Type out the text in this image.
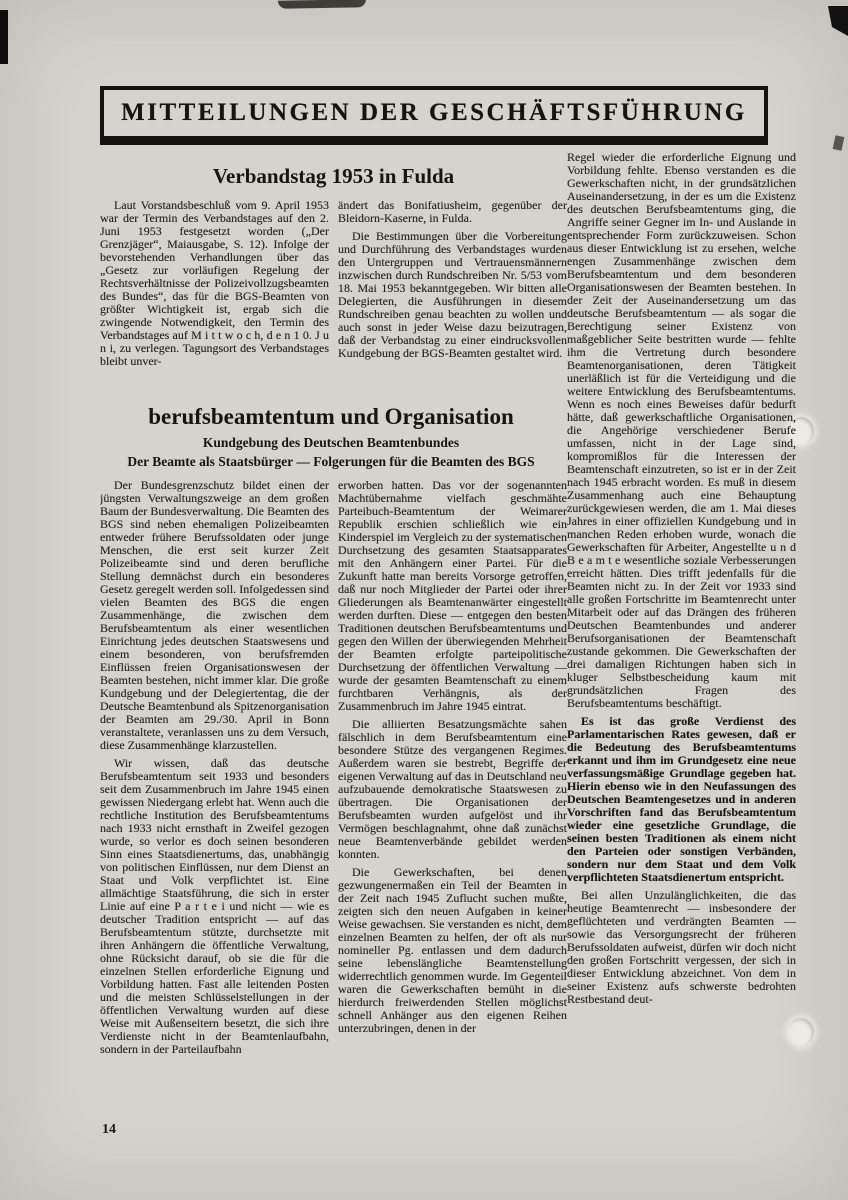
MITTEILUNGEN DER GESCHÄFTSFÜHRUNG
Verbandstag 1953 in Fulda

Laut Vorstandsbeschluß vom 9. April 1953 war der Termin des Verbandstages auf den 2. Juni 1953 festgesetzt worden („Der Grenzjäger“, Maiausgabe, S. 12). Infolge der bevorstehenden Verhandlungen über das „Gesetz zur vorläufigen Regelung der Rechtsverhältnisse der Polizeivollzugsbeamten des Bundes“, das für die BGS-Beamten von größter Wichtigkeit ist, ergab sich die zwingende Notwendigkeit, den Termin des Verbandstages auf M i t t w o c h, d e n 1 0. J u n i, zu verlegen. Tagungsort des Verbandstages bleibt unver-

ändert das Bonifatiusheim, gegenüber der Bleidorn-Kaserne, in Fulda.

Die Bestimmungen über die Vorbereitung und Durchführung des Verbandstages wurden den Untergruppen und Vertrauensmännern inzwischen durch Rundschreiben Nr. 5/53 vom 18. Mai 1953 bekanntgegeben. Wir bitten alle Delegierten, die Ausführungen in diesem Rundschreiben genau beachten zu wollen und auch sonst in jeder Weise dazu beizutragen, daß der Verbandstag zu einer eindrucksvollen Kundgebung der BGS-Beamten gestaltet wird.

berufsbeamtentum und Organisation

Kundgebung des Deutschen Beamtenbundes

Der Beamte als Staatsbürger — Folgerungen für die Beamten des BGS

Der Bundesgrenzschutz bildet einen der jüngsten Verwaltungszweige an dem großen Baum der Bundesverwaltung. Die Beamten des BGS sind neben ehemaligen Polizeibeamten entweder frühere Berufssoldaten oder junge Menschen, die erst seit kurzer Zeit Polizeibeamte sind und deren berufliche Stellung demnächst durch ein besonderes Gesetz geregelt werden soll. Infolgedessen sind vielen Beamten des BGS die engen Zusammenhänge, die zwischen dem Berufsbeamtentum als einer wesentlichen Einrichtung jedes deutschen Staatswesens und einem besonderen, von berufsfremden Einflüssen freien Organisationswesen der Beamten bestehen, nicht immer klar. Die große Kundgebung und der Delegiertentag, die der Deutsche Beamtenbund als Spitzenorganisation der Beamten am 29./30. April in Bonn veranstaltete, veranlassen uns zu dem Versuch, diese Zusammenhänge klarzustellen.

Wir wissen, daß das deutsche Berufsbeamtentum seit 1933 und besonders seit dem Zusammenbruch im Jahre 1945 einen gewissen Niedergang erlebt hat. Wenn auch die rechtliche Institution des Berufsbeamtentums nach 1933 nicht ernsthaft in Zweifel gezogen wurde, so verlor es doch seinen besonderen Sinn eines Staatsdienertums, das, unabhängig von politischen Einflüssen, nur dem Dienst an Staat und Volk verpflichtet ist. Eine allmächtige Staatsführung, die sich in erster Linie auf eine P a r t e i und nicht — wie es deutscher Tradition entspricht — auf das Berufsbeamtentum stützte, durchsetzte mit ihren Anhängern die öffentliche Verwaltung, ohne Rücksicht darauf, ob sie die für die einzelnen Stellen erforderliche Eignung und Vorbildung hatten. Fast alle leitenden Posten und die meisten Schlüsselstellungen in der öffentlichen Verwaltung wurden auf diese Weise mit Außenseitern besetzt, die sich ihre Verdienste nicht in der Beamtenlaufbahn, sondern in der Parteilaufbahn

erworben hatten. Das vor der sogenannten Machtübernahme vielfach geschmähte Parteibuch-Beamtentum der Weimarer Republik erschien schließlich wie ein Kinderspiel im Vergleich zu der systematischen Durchsetzung des gesamten Staatsapparates mit den Anhängern einer Partei. Für die Zukunft hatte man bereits Vorsorge getroffen, daß nur noch Mitglieder der Partei oder ihrer Gliederungen als Beamtenanwärter eingestellt werden durften. Diese — entgegen den besten Traditionen deutschen Berufsbeamtentums und gegen den Willen der überwiegenden Mehrheit der Beamten erfolgte parteipolitische Durchsetzung der öffentlichen Verwaltung — wurde der gesamten Beamtenschaft zu einem furchtbaren Verhängnis, als der Zusammenbruch im Jahre 1945 eintrat.

Die alliierten Besatzungsmächte sahen fälschlich in dem Berufsbeamtentum eine besondere Stütze des vergangenen Regimes. Außerdem waren sie bestrebt, Begriffe der eigenen Verwaltung auf das in Deutschland neu aufzubauende demokratische Staatswesen zu übertragen. Die Organisationen der Berufsbeamten wurden aufgelöst und ihr Vermögen beschlagnahmt, ohne daß zunächst neue Beamtenverbände gebildet werden konnten.

Die Gewerkschaften, bei denen gezwungenermaßen ein Teil der Beamten in der Zeit nach 1945 Zuflucht suchen mußte, zeigten sich den neuen Aufgaben in keiner Weise gewachsen. Sie verstanden es nicht, dem einzelnen Beamten zu helfen, der oft als nur nomineller Pg. entlassen und dem dadurch seine lebenslängliche Beamtenstellung widerrechtlich genommen wurde. Im Gegenteil waren die Gewerkschaften bemüht in die hierdurch freiwerdenden Stellen möglichst schnell Anhänger aus den eigenen Reihen unterzubringen, denen in der

Regel wieder die erforderliche Eignung und Vorbildung fehlte. Ebenso verstanden es die Gewerkschaften nicht, in der grundsätzlichen Auseinandersetzung, in der es um die Existenz des deutschen Berufsbeamtentums ging, die Angriffe seiner Gegner im In- und Auslande in entsprechender Form zurückzuweisen. Schon aus dieser Entwicklung ist zu ersehen, welche engen Zusammenhänge zwischen dem Berufsbeamtentum und dem besonderen Organisationswesen der Beamten bestehen. In der Zeit der Auseinandersetzung um das deutsche Berufsbeamtentum — als sogar die Berechtigung seiner Existenz von maßgeblicher Seite bestritten wurde — fehlte ihm die Vertretung durch besondere Beamtenorganisationen, deren Tätigkeit unerläßlich ist für die Verteidigung und die weitere Entwicklung des Berufsbeamtentums. Wenn es noch eines Beweises dafür bedurft hätte, daß gewerkschaftliche Organisationen, die Angehörige verschiedener Berufe umfassen, nicht in der Lage sind, kompromißlos für die Interessen der Beamtenschaft einzutreten, so ist er in der Zeit nach 1945 erbracht worden. Es muß in diesem Zusammenhang auch eine Behauptung zurückgewiesen werden, die am 1. Mai dieses Jahres in einer offiziellen Kundgebung und in manchen Reden erhoben wurde, wonach die Gewerkschaften für Arbeiter, Angestellte u n d B e a m t e wesentliche soziale Verbesserungen erreicht hätten. Dies trifft jedenfalls für die Beamten nicht zu. In der Zeit vor 1933 sind alle großen Fortschritte im Beamtenrecht unter Mitarbeit oder auf das Drängen des früheren Deutschen Beamtenbundes und anderer Berufsorganisationen der Beamtenschaft zustande gekommen. Die Gewerkschaften der drei damaligen Richtungen haben sich in kluger Selbstbescheidung kaum mit grundsätzlichen Fragen des Berufsbeamtentums beschäftigt.

Es ist das große Verdienst des Parlamentarischen Rates gewesen, daß er die Bedeutung des Berufsbeamtentums erkannt und ihm im Grundgesetz eine neue verfassungsmäßige Grundlage gegeben hat. Hierin ebenso wie in den Neufassungen des Deutschen Beamtengesetzes und in anderen Vorschriften fand das Berufsbeamtentum wieder eine gesetzliche Grundlage, die seinen besten Traditionen als einem nicht den Parteien oder sonstigen Verbänden, sondern nur dem Staat und dem Volk verpflichteten Staatsdienertum entspricht.

Bei allen Unzulänglichkeiten, die das heutige Beamtenrecht — insbesondere der geflüchteten und verdrängten Beamten — sowie das Versorgungsrecht der früheren Berufssoldaten aufweist, dürfen wir doch nicht den großen Fortschritt vergessen, der sich in dieser Entwicklung abzeichnet. Von dem in seiner Existenz aufs schwerste bedrohten Restbestand deut-

14
